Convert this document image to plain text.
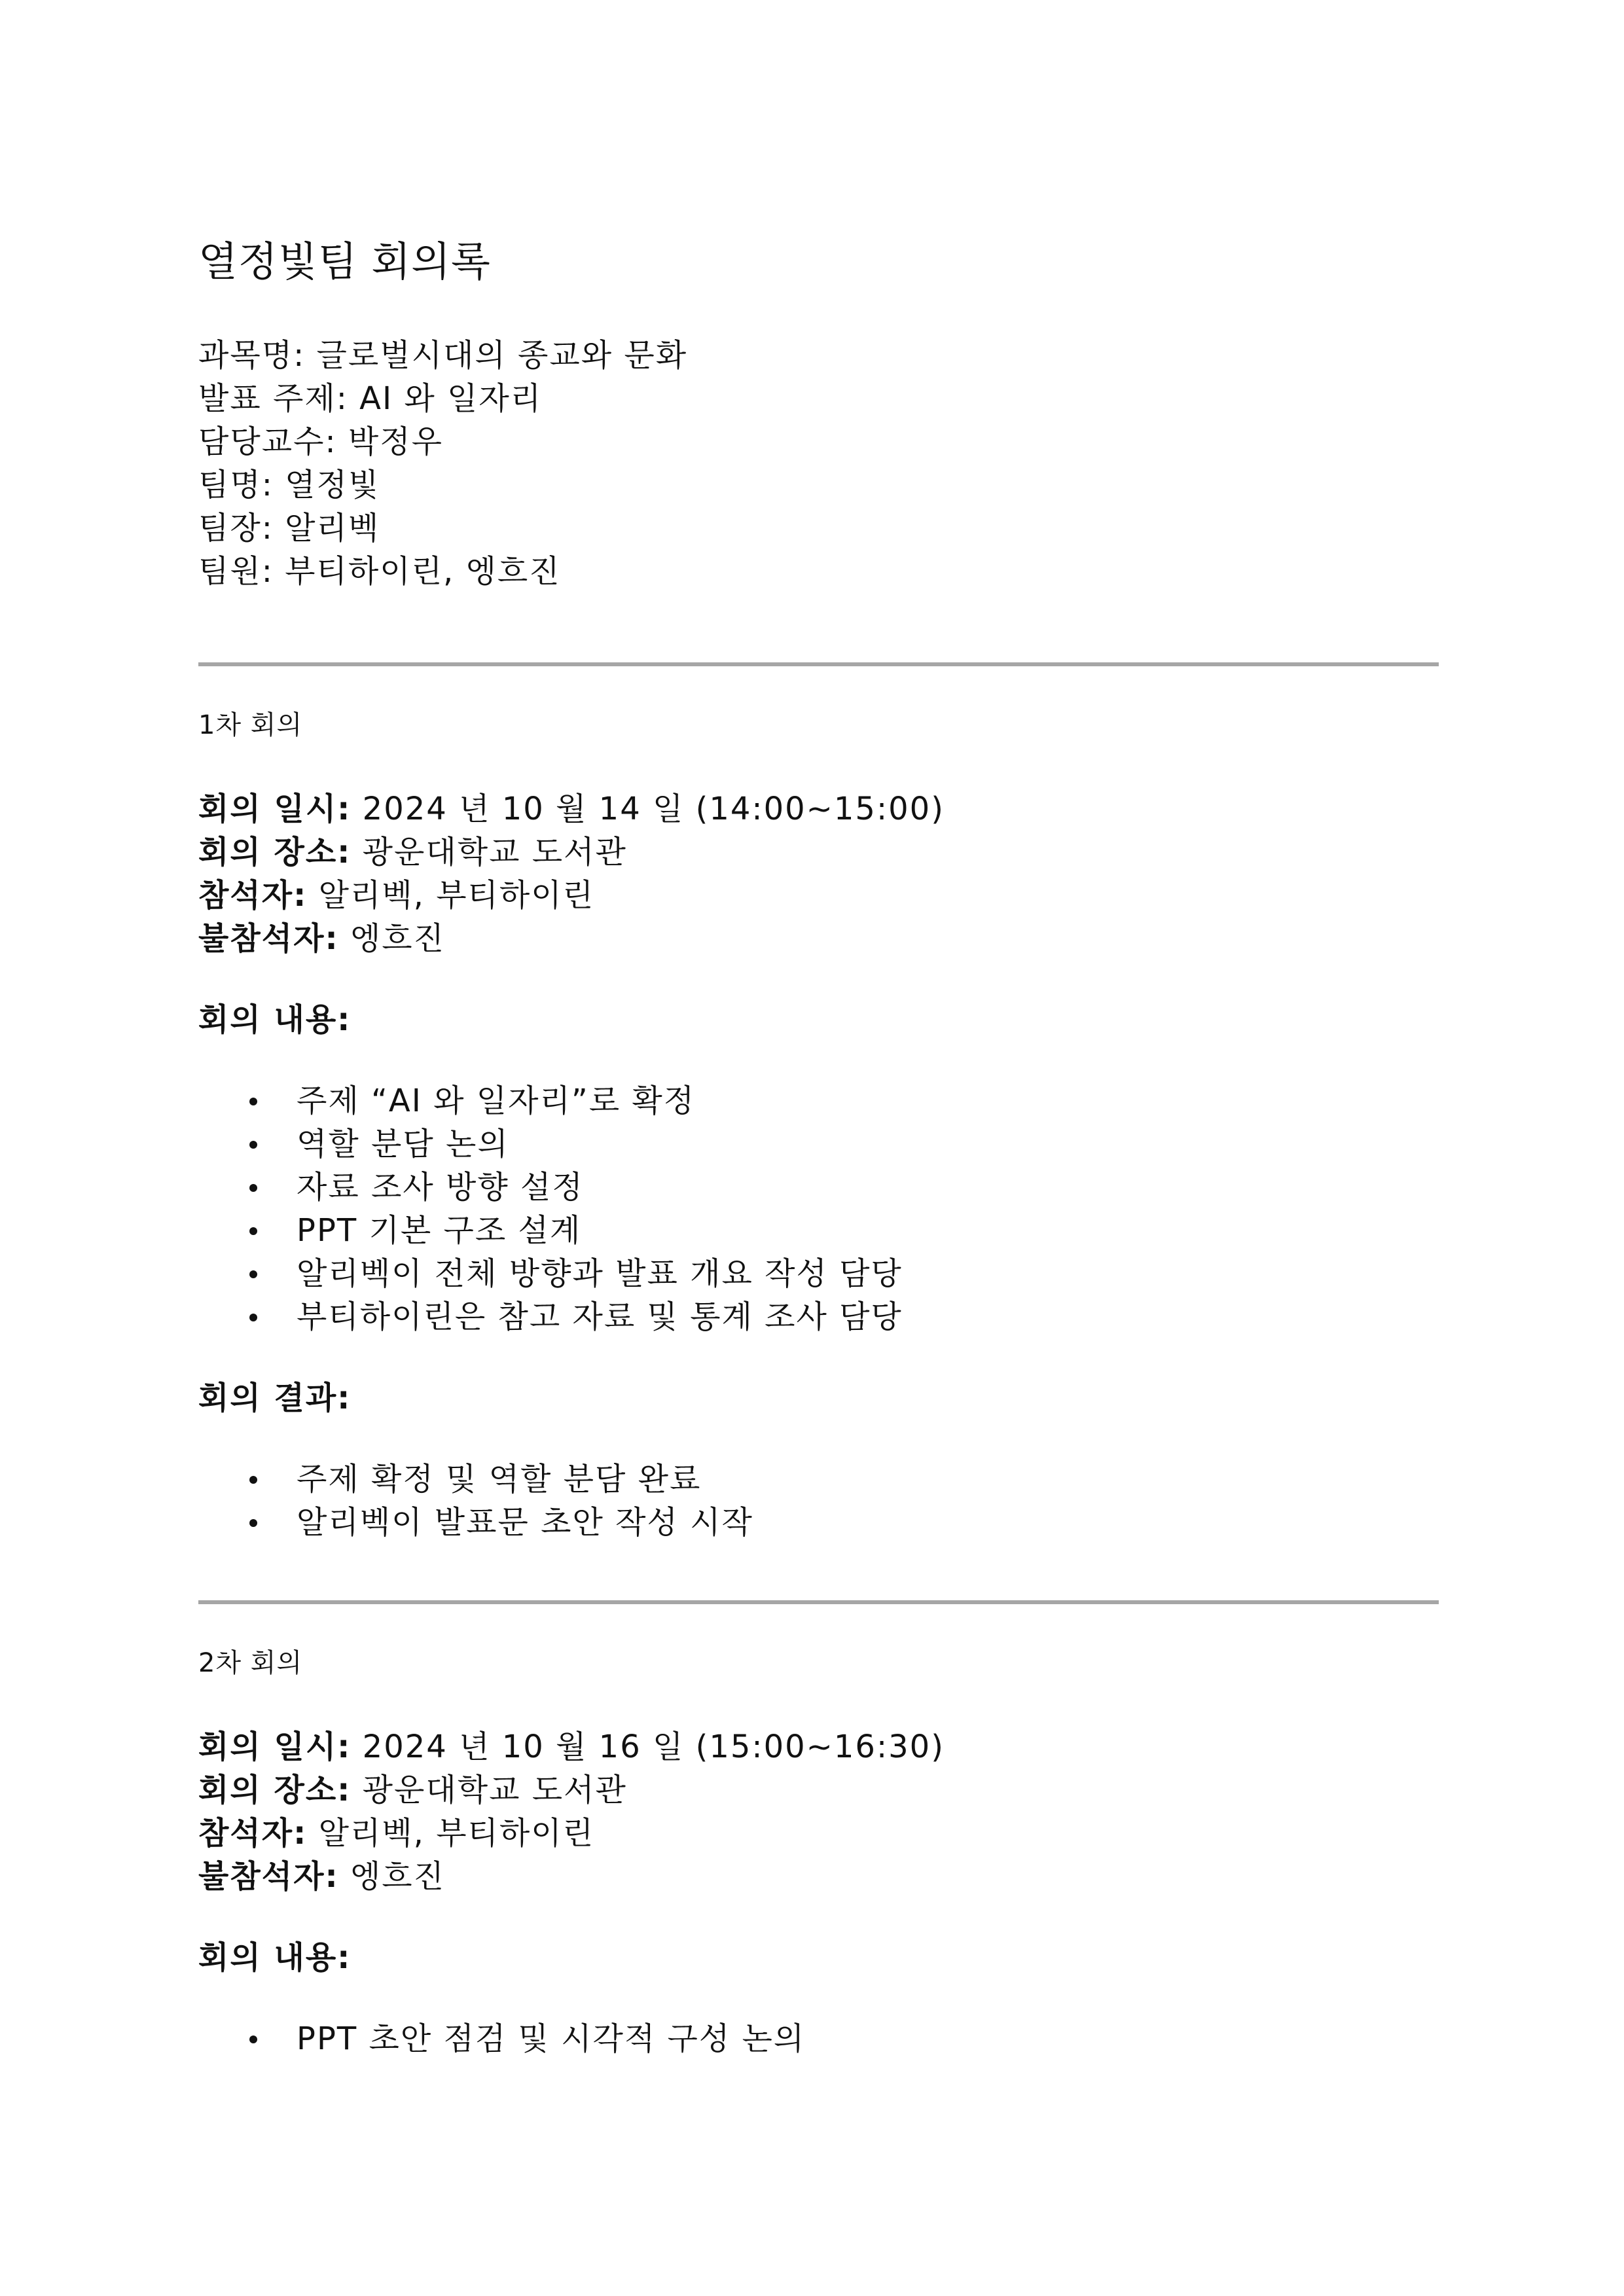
열정빛팀 회의록

과목명: 글로벌시대의 종교와 문화

발표 주제: AI 와 일자리

담당교수: 박정우

팀명: 열정빛

팀장: 알리벡

팀원: 부티하이린, 엥흐진

1차 회의

회의 일시: 2024 년 10 월 14 일 (14:00~15:00)

회의 장소: 광운대학교 도서관

참석자: 알리벡, 부티하이린

불참석자: 엥흐진

회의 내용:

주제 “AI 와 일자리”로 확정
역할 분담 논의
자료 조사 방향 설정
PPT 기본 구조 설계
알리벡이 전체 방향과 발표 개요 작성 담당
부티하이린은 참고 자료 및 통계 조사 담당

회의 결과:

주제 확정 및 역할 분담 완료
알리벡이 발표문 초안 작성 시작

2차 회의

회의 일시: 2024 년 10 월 16 일 (15:00~16:30)

회의 장소: 광운대학교 도서관

참석자: 알리벡, 부티하이린

불참석자: 엥흐진

회의 내용:

PPT 초안 점검 및 시각적 구성 논의
